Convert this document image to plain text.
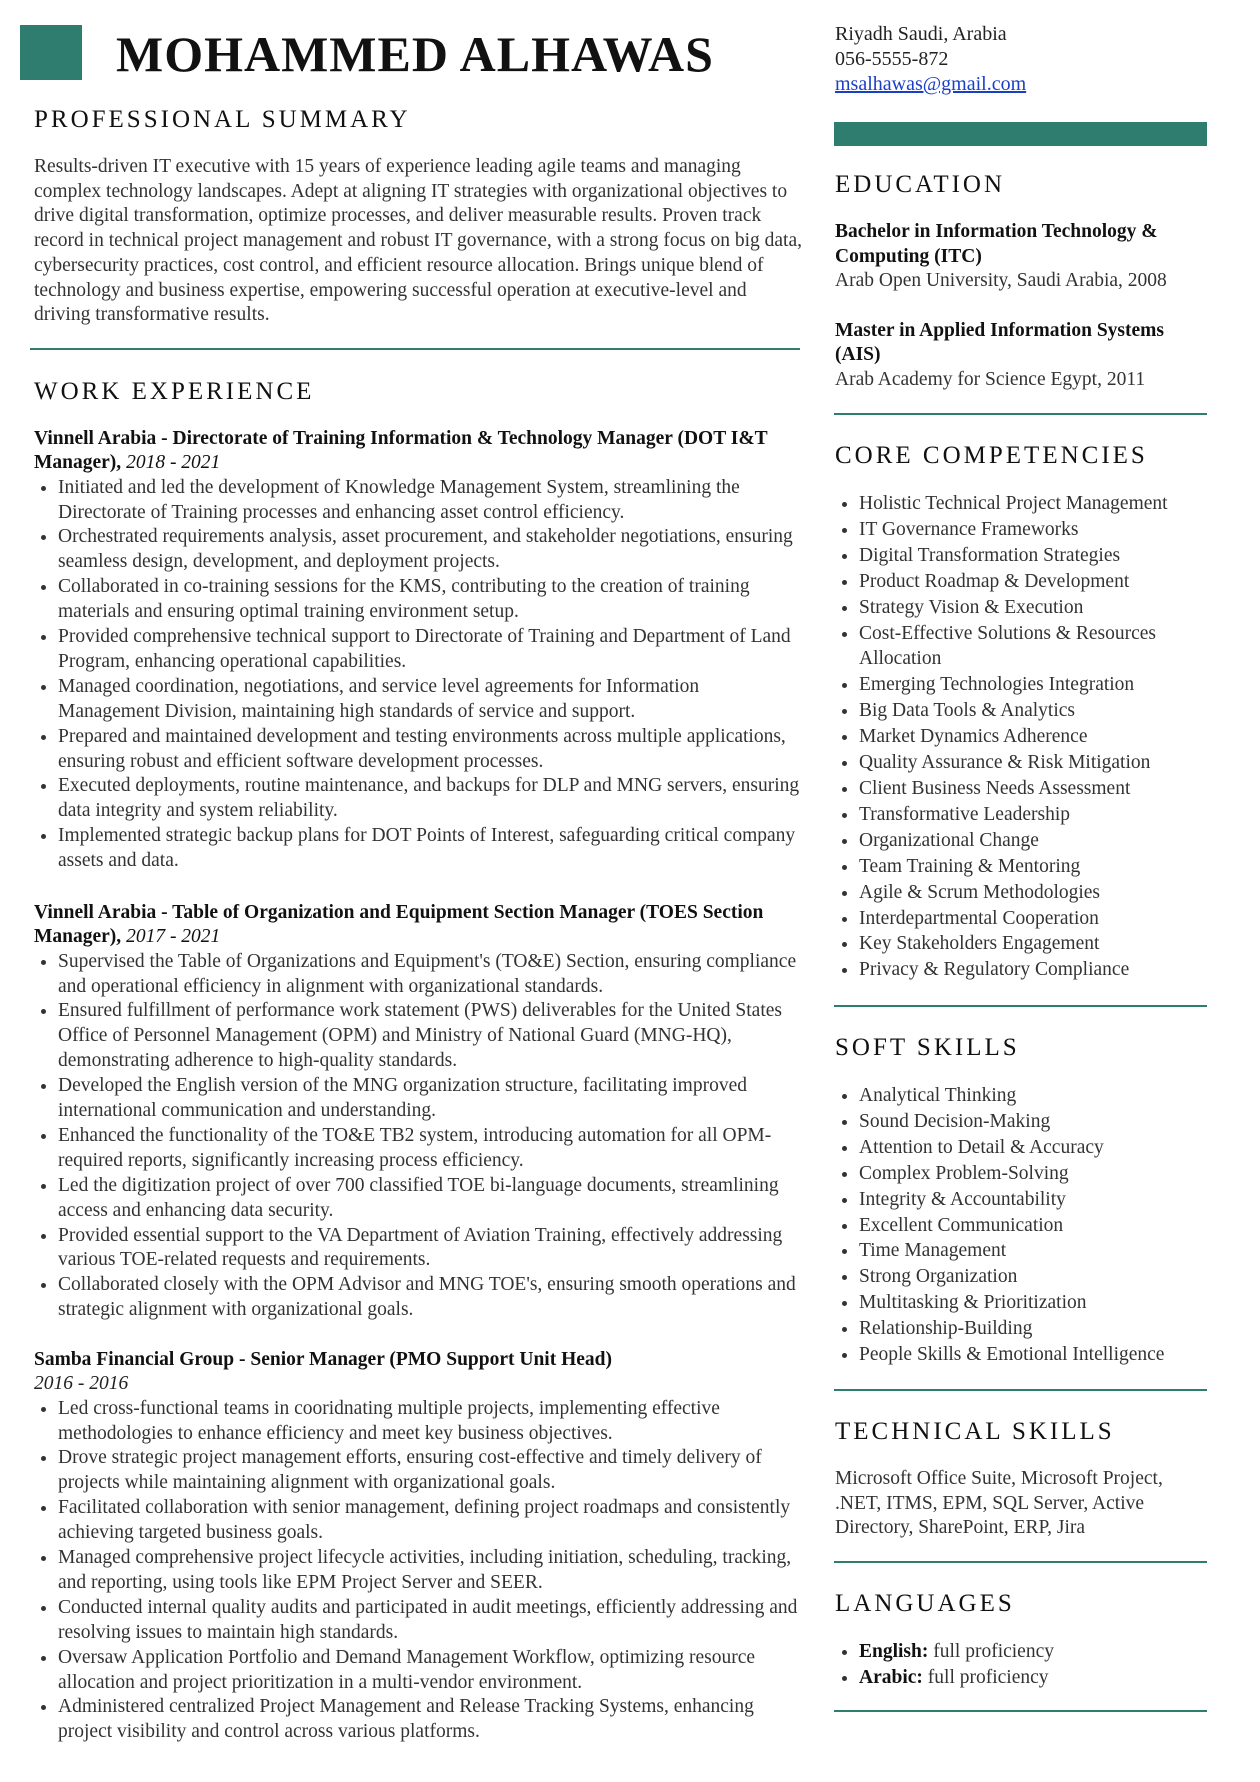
MOHAMMED ALHAWAS	Riyadh Saudi, Arabia
056-5555-872
msalhawas@gmail.com
PROFESSIONAL SUMMARY

Results-driven IT executive with 15 years of experience leading agile teams and managing complex technology landscapes. Adept at aligning IT strategies with organizational objectives to drive digital transformation, optimize processes, and deliver measurable results. Proven track record in technical project management and robust IT governance, with a strong focus on big data, cybersecurity practices, cost control, and efficient resource allocation. Brings unique blend of technology and business expertise, empowering successful operation at executive-level and driving transformative results.

WORK EXPERIENCE
Vinnell Arabia - Directorate of Training Information & Technology Manager (DOT I&T Manager), 2018 - 2021
• Initiated and led the development of Knowledge Management System, streamlining the Directorate of Training processes and enhancing asset control efficiency.
• Orchestrated requirements analysis, asset procurement, and stakeholder negotiations, ensuring seamless design, development, and deployment projects.
• Collaborated in co-training sessions for the KMS, contributing to the creation of training materials and ensuring optimal training environment setup.
• Provided comprehensive technical support to Directorate of Training and Department of Land Program, enhancing operational capabilities.
• Managed coordination, negotiations, and service level agreements for Information Management Division, maintaining high standards of service and support.
• Prepared and maintained development and testing environments across multiple applications, ensuring robust and efficient software development processes.
• Executed deployments, routine maintenance, and backups for DLP and MNG servers, ensuring data integrity and system reliability.
• Implemented strategic backup plans for DOT Points of Interest, safeguarding critical company assets and data.
Vinnell Arabia - Table of Organization and Equipment Section Manager (TOES Section Manager), 2017 - 2021
• Supervised the Table of Organizations and Equipment's (TO&E) Section, ensuring compliance and operational efficiency in alignment with organizational standards.
• Ensured fulfillment of performance work statement (PWS) deliverables for the United States Office of Personnel Management (OPM) and Ministry of National Guard (MNG-HQ), demonstrating adherence to high-quality standards.
• Developed the English version of the MNG organization structure, facilitating improved international communication and understanding.
• Enhanced the functionality of the TO&E TB2 system, introducing automation for all OPM-required reports, significantly increasing process efficiency.
• Led the digitization project of over 700 classified TOE bi-language documents, streamlining access and enhancing data security.
• Provided essential support to the VA Department of Aviation Training, effectively addressing various TOE-related requests and requirements.
• Collaborated closely with the OPM Advisor and MNG TOE's, ensuring smooth operations and strategic alignment with organizational goals.
Samba Financial Group - Senior Manager (PMO Support Unit Head)
2016 - 2016
• Led cross-functional teams in cooridnating multiple projects, implementing effective methodologies to enhance efficiency and meet key business objectives.
• Drove strategic project management efforts, ensuring cost-effective and timely delivery of projects while maintaining alignment with organizational goals.
• Facilitated collaboration with senior management, defining project roadmaps and consistently achieving targeted business goals.
• Managed comprehensive project lifecycle activities, including initiation, scheduling, tracking, and reporting, using tools like EPM Project Server and SEER.
• Conducted internal quality audits and participated in audit meetings, efficiently addressing and resolving issues to maintain high standards.
• Oversaw Application Portfolio and Demand Management Workflow, optimizing resource allocation and project prioritization in a multi-vendor environment.
• Administered centralized Project Management and Release Tracking Systems, enhancing project visibility and control across various platforms.
EDUCATION
Bachelor in Information Technology & Computing (ITC)
Arab Open University, Saudi Arabia, 2008
Master in Applied Information Systems (AIS)
Arab Academy for Science Egypt, 2011
CORE COMPETENCIES
• Holistic Technical Project Management
• IT Governance Frameworks
• Digital Transformation Strategies
• Product Roadmap & Development
• Strategy Vision & Execution
• Cost-Effective Solutions & Resources Allocation
• Emerging Technologies Integration
• Big Data Tools & Analytics
• Market Dynamics Adherence
• Quality Assurance & Risk Mitigation
• Client Business Needs Assessment
• Transformative Leadership
• Organizational Change
• Team Training & Mentoring
• Agile & Scrum Methodologies
• Interdepartmental Cooperation
• Key Stakeholders Engagement
• Privacy & Regulatory Compliance
SOFT SKILLS
• Analytical Thinking
• Sound Decision-Making
• Attention to Detail & Accuracy
• Complex Problem-Solving
• Integrity & Accountability
• Excellent Communication
• Time Management
• Strong Organization
• Multitasking & Prioritization
• Relationship-Building
• People Skills & Emotional Intelligence
TECHNICAL SKILLS

Microsoft Office Suite, Microsoft Project, .NET, ITMS, EPM, SQL Server, Active Directory, SharePoint, ERP, Jira

LANGUAGES
• English: full proficiency
• Arabic: full proficiency
